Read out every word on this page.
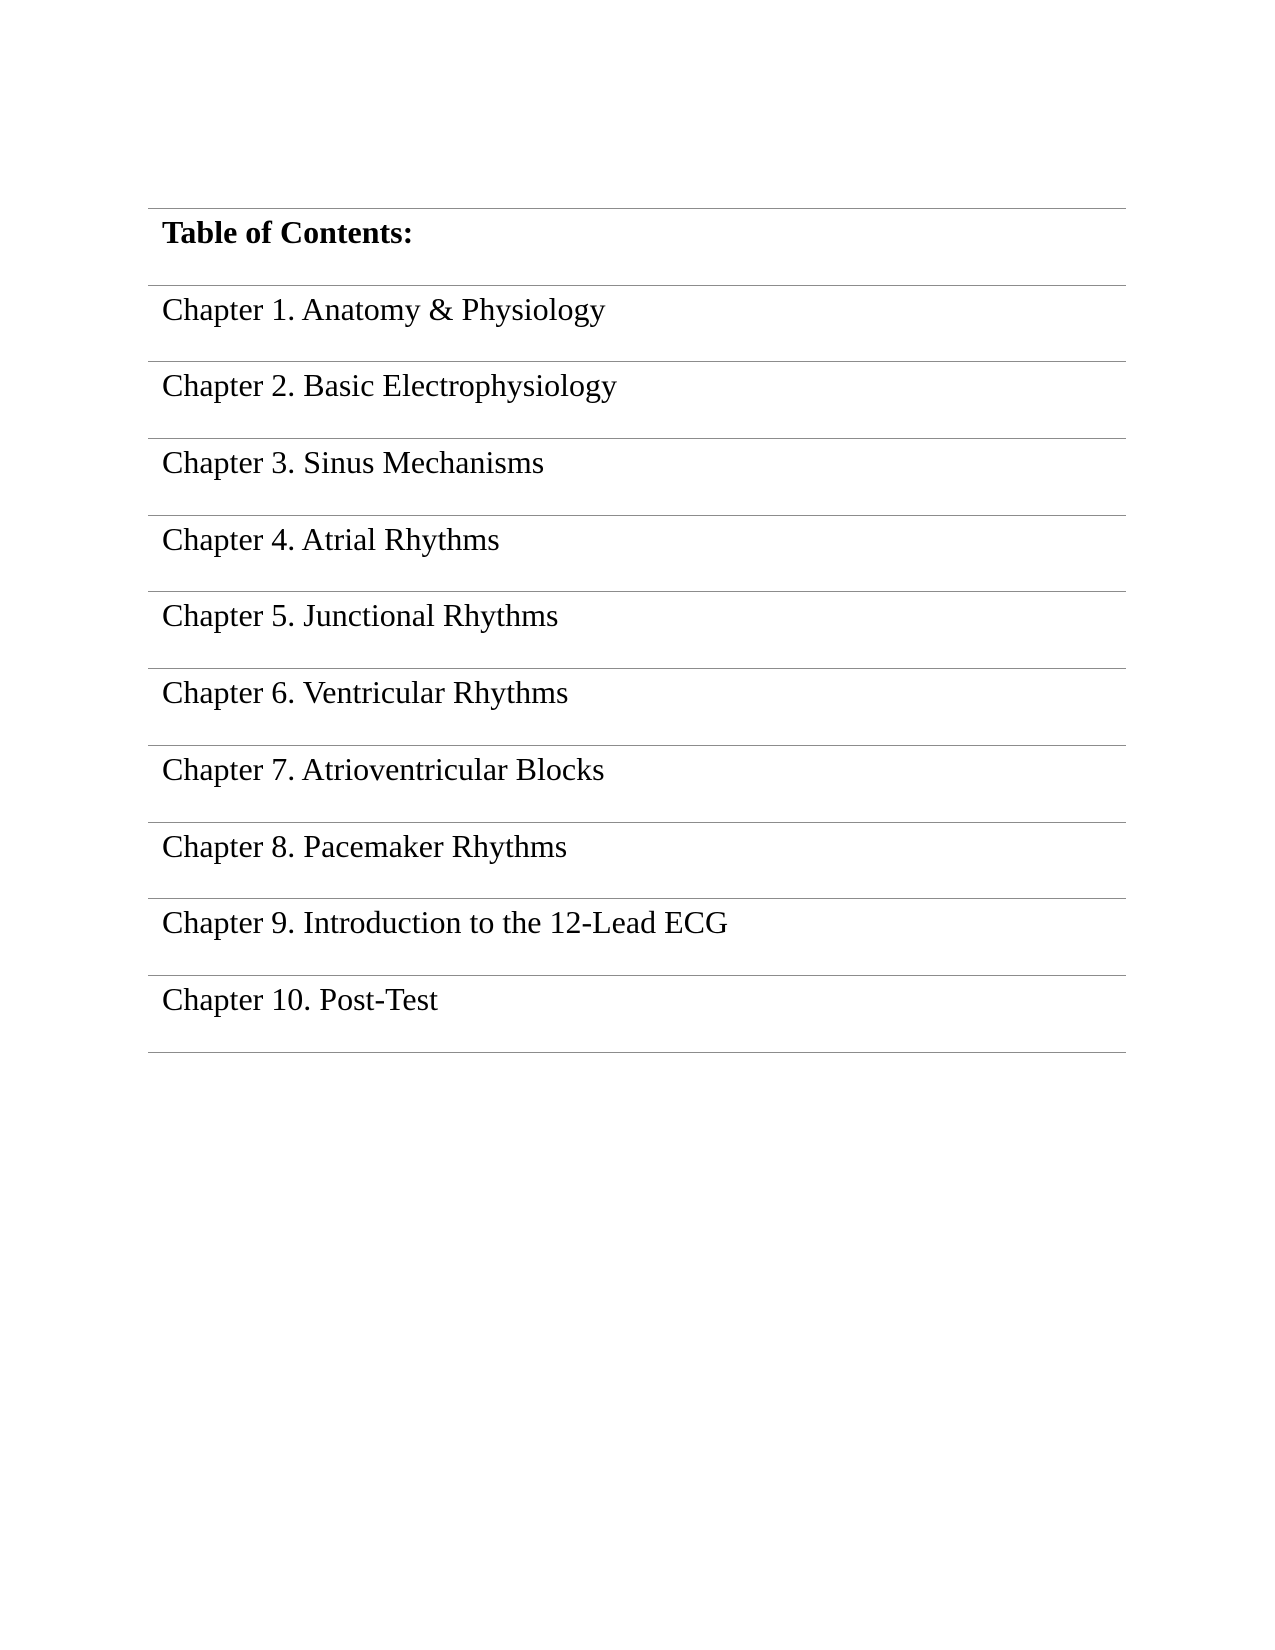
Table of Contents:
Chapter 1. Anatomy & Physiology
Chapter 2. Basic Electrophysiology
Chapter 3. Sinus Mechanisms
Chapter 4. Atrial Rhythms
Chapter 5. Junctional Rhythms
Chapter 6. Ventricular Rhythms
Chapter 7. Atrioventricular Blocks
Chapter 8. Pacemaker Rhythms
Chapter 9. Introduction to the 12-Lead ECG
Chapter 10. Post-Test
